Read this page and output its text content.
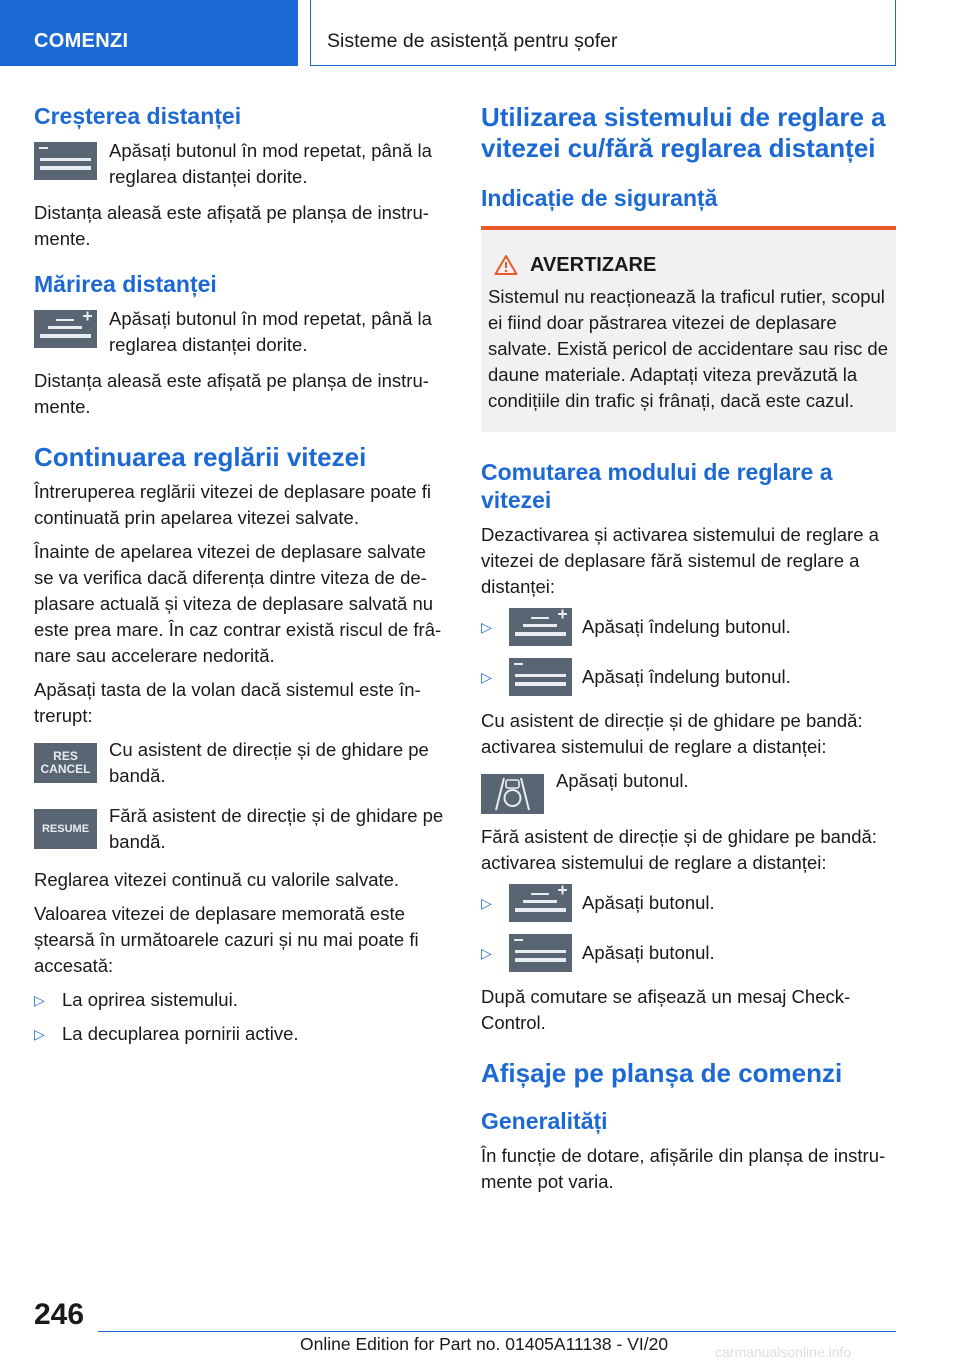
COMENZI	Sisteme de asistență pentru șofer
Creșterea distanței
Apăsați butonul în mod repetat, până la reglarea distanței dorite.

Distanța aleasă este afișată pe planșa de instrumente.

Mărirea distanței
Apăsați butonul în mod repetat, până la reglarea distanței dorite.

Distanța aleasă este afișată pe planșa de instrumente.

Continuarea reglării vitezei

Întreruperea reglării vitezei de deplasare poate fi continuată prin apelarea vitezei salvate.

Înainte de apelarea vitezei de deplasare salvate se va verifica dacă diferența dintre viteza de deplasare actuală și viteza de deplasare salvată nu este prea mare. În caz contrar există riscul de frânare sau accelerare nedorită.

Apăsați tasta de la volan dacă sistemul este întrerupt:

RES
CANCEL
Cu asistent de direcție și de ghidare pe bandă.
RESUME
Fără asistent de direcție și de ghidare pe bandă.

Reglarea vitezei continuă cu valorile salvate.

Valoarea vitezei de deplasare memorată este ștearsă în următoarele cazuri și nu mai poate fi accesată:

▷ La oprirea sistemului.
▷ La decuplarea pornirii active.
Utilizarea sistemului de reglare a vitezei cu/fără reglarea distanței
Indicație de siguranță
AVERTIZARE

Sistemul nu reacționează la traficul rutier, scopul ei fiind doar păstrarea vitezei de deplasare salvate. Există pericol de accidentare sau risc de daune materiale. Adaptați viteza prevăzută la condițiile din trafic și frânați, dacă este cazul.

Comutarea modului de reglare a vitezei

Dezactivarea și activarea sistemului de reglare a vitezei de deplasare fără sistemul de reglare a distanței:

▷	Apăsați îndelung butonul.
▷	Apăsați îndelung butonul.

Cu asistent de direcție și de ghidare pe bandă: activarea sistemului de reglare a distanței:

Apăsați butonul.

Fără asistent de direcție și de ghidare pe bandă: activarea sistemului de reglare a distanței:

▷	Apăsați butonul.
▷	Apăsați butonul.

După comutare se afișează un mesaj Check-Control.

Afișaje pe planșa de comenzi
Generalități

În funcție de dotare, afișările din planșa de instrumente pot varia.

246
Online Edition for Part no. 01405A11138 - VI/20	carmanualsonline.info
